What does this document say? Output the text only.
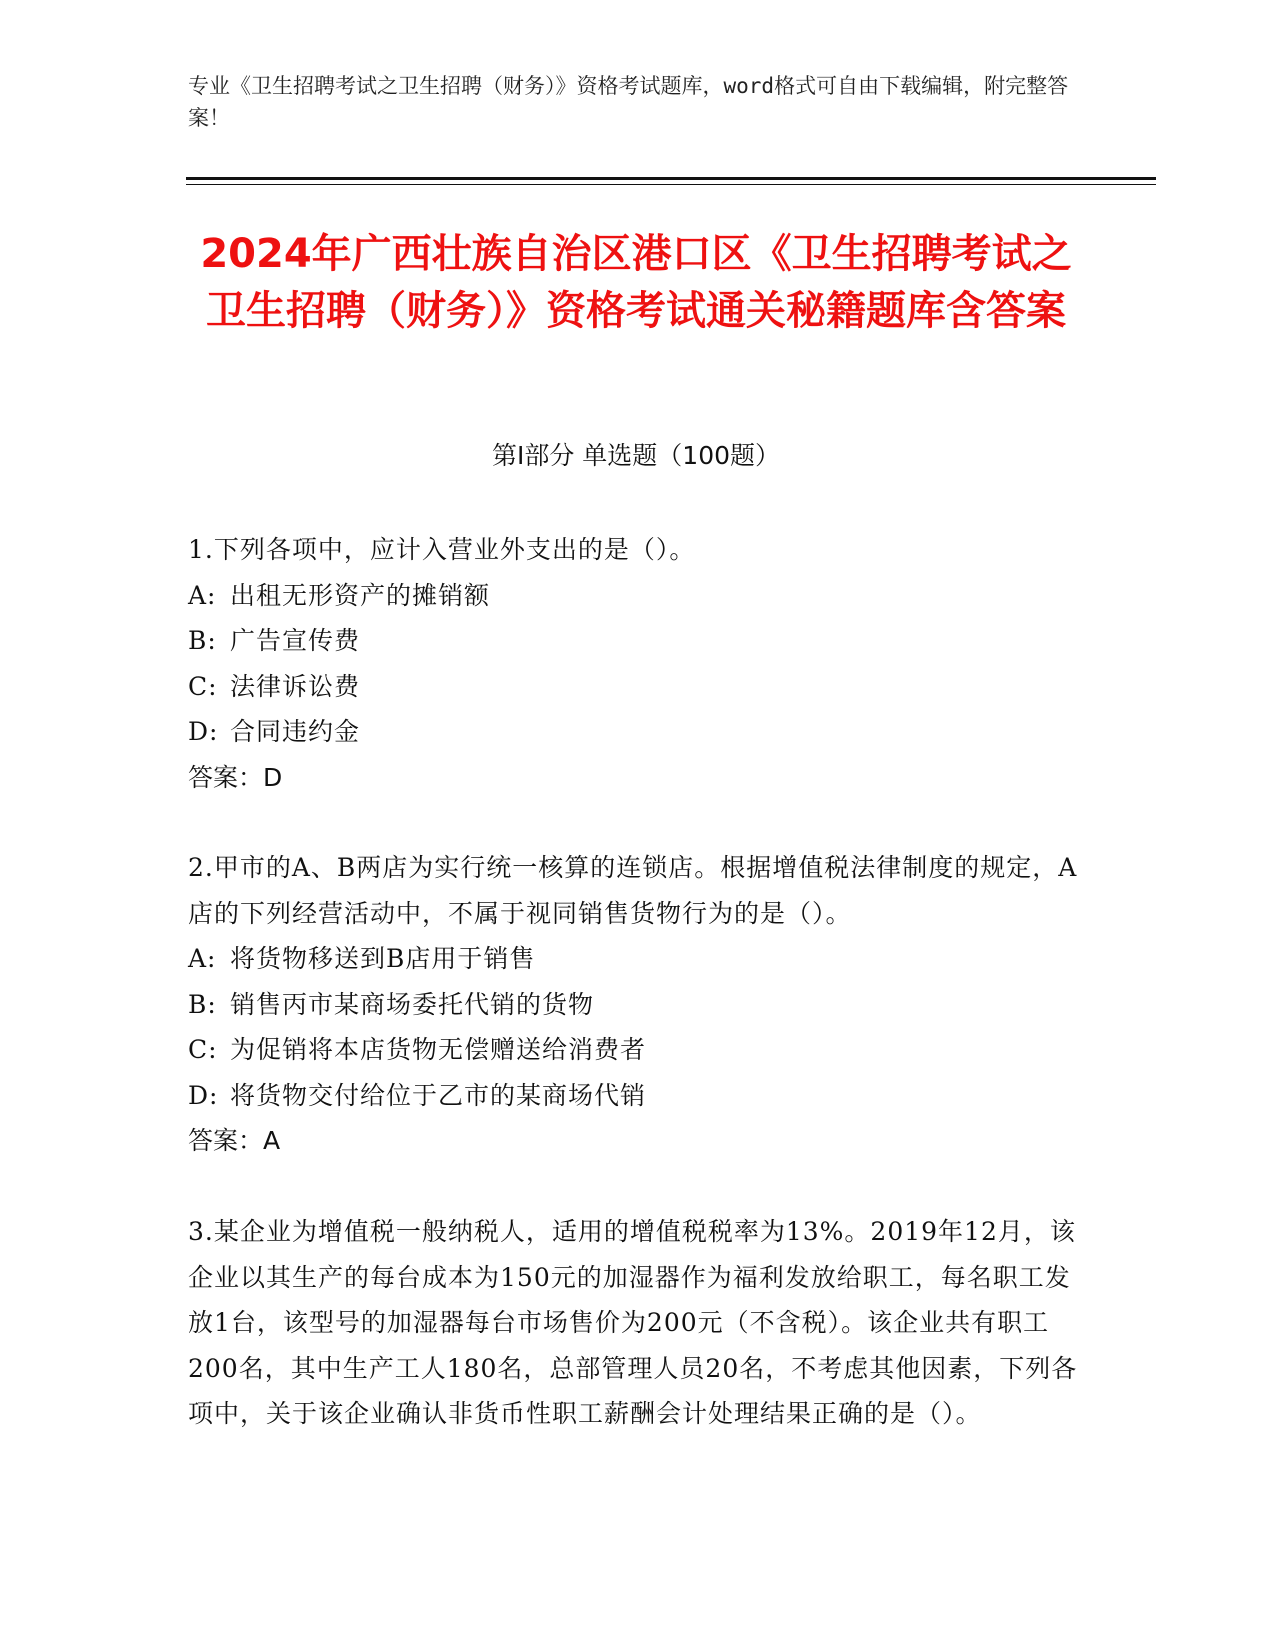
专业《卫生招聘考试之卫生招聘（财务）》资格考试题库，word格式可自由下载编辑，附完整答案！
2024年广西壮族自治区港口区《卫生招聘考试之卫生招聘（财务）》资格考试通关秘籍题库含答案
第Ⅰ部分 单选题（100题）

1.下列各项中，应计入营业外支出的是（）。

A: 出租无形资产的摊销额

B: 广告宣传费

C: 法律诉讼费

D: 合同违约金

答案：D

2.甲市的A、B两店为实行统一核算的连锁店。根据增值税法律制度的规定，A店的下列经营活动中，不属于视同销售货物行为的是（）。

A: 将货物移送到B店用于销售

B: 销售丙市某商场委托代销的货物

C: 为促销将本店货物无偿赠送给消费者

D: 将货物交付给位于乙市的某商场代销

答案：A

3.某企业为增值税一般纳税人，适用的增值税税率为13%。2019年12月，该企业以其生产的每台成本为150元的加湿器作为福利发放给职工，每名职工发放1台，该型号的加湿器每台市场售价为200元（不含税）。该企业共有职工200名，其中生产工人180名，总部管理人员20名，不考虑其他因素，下列各项中，关于该企业确认非货币性职工薪酬会计处理结果正确的是（）。
